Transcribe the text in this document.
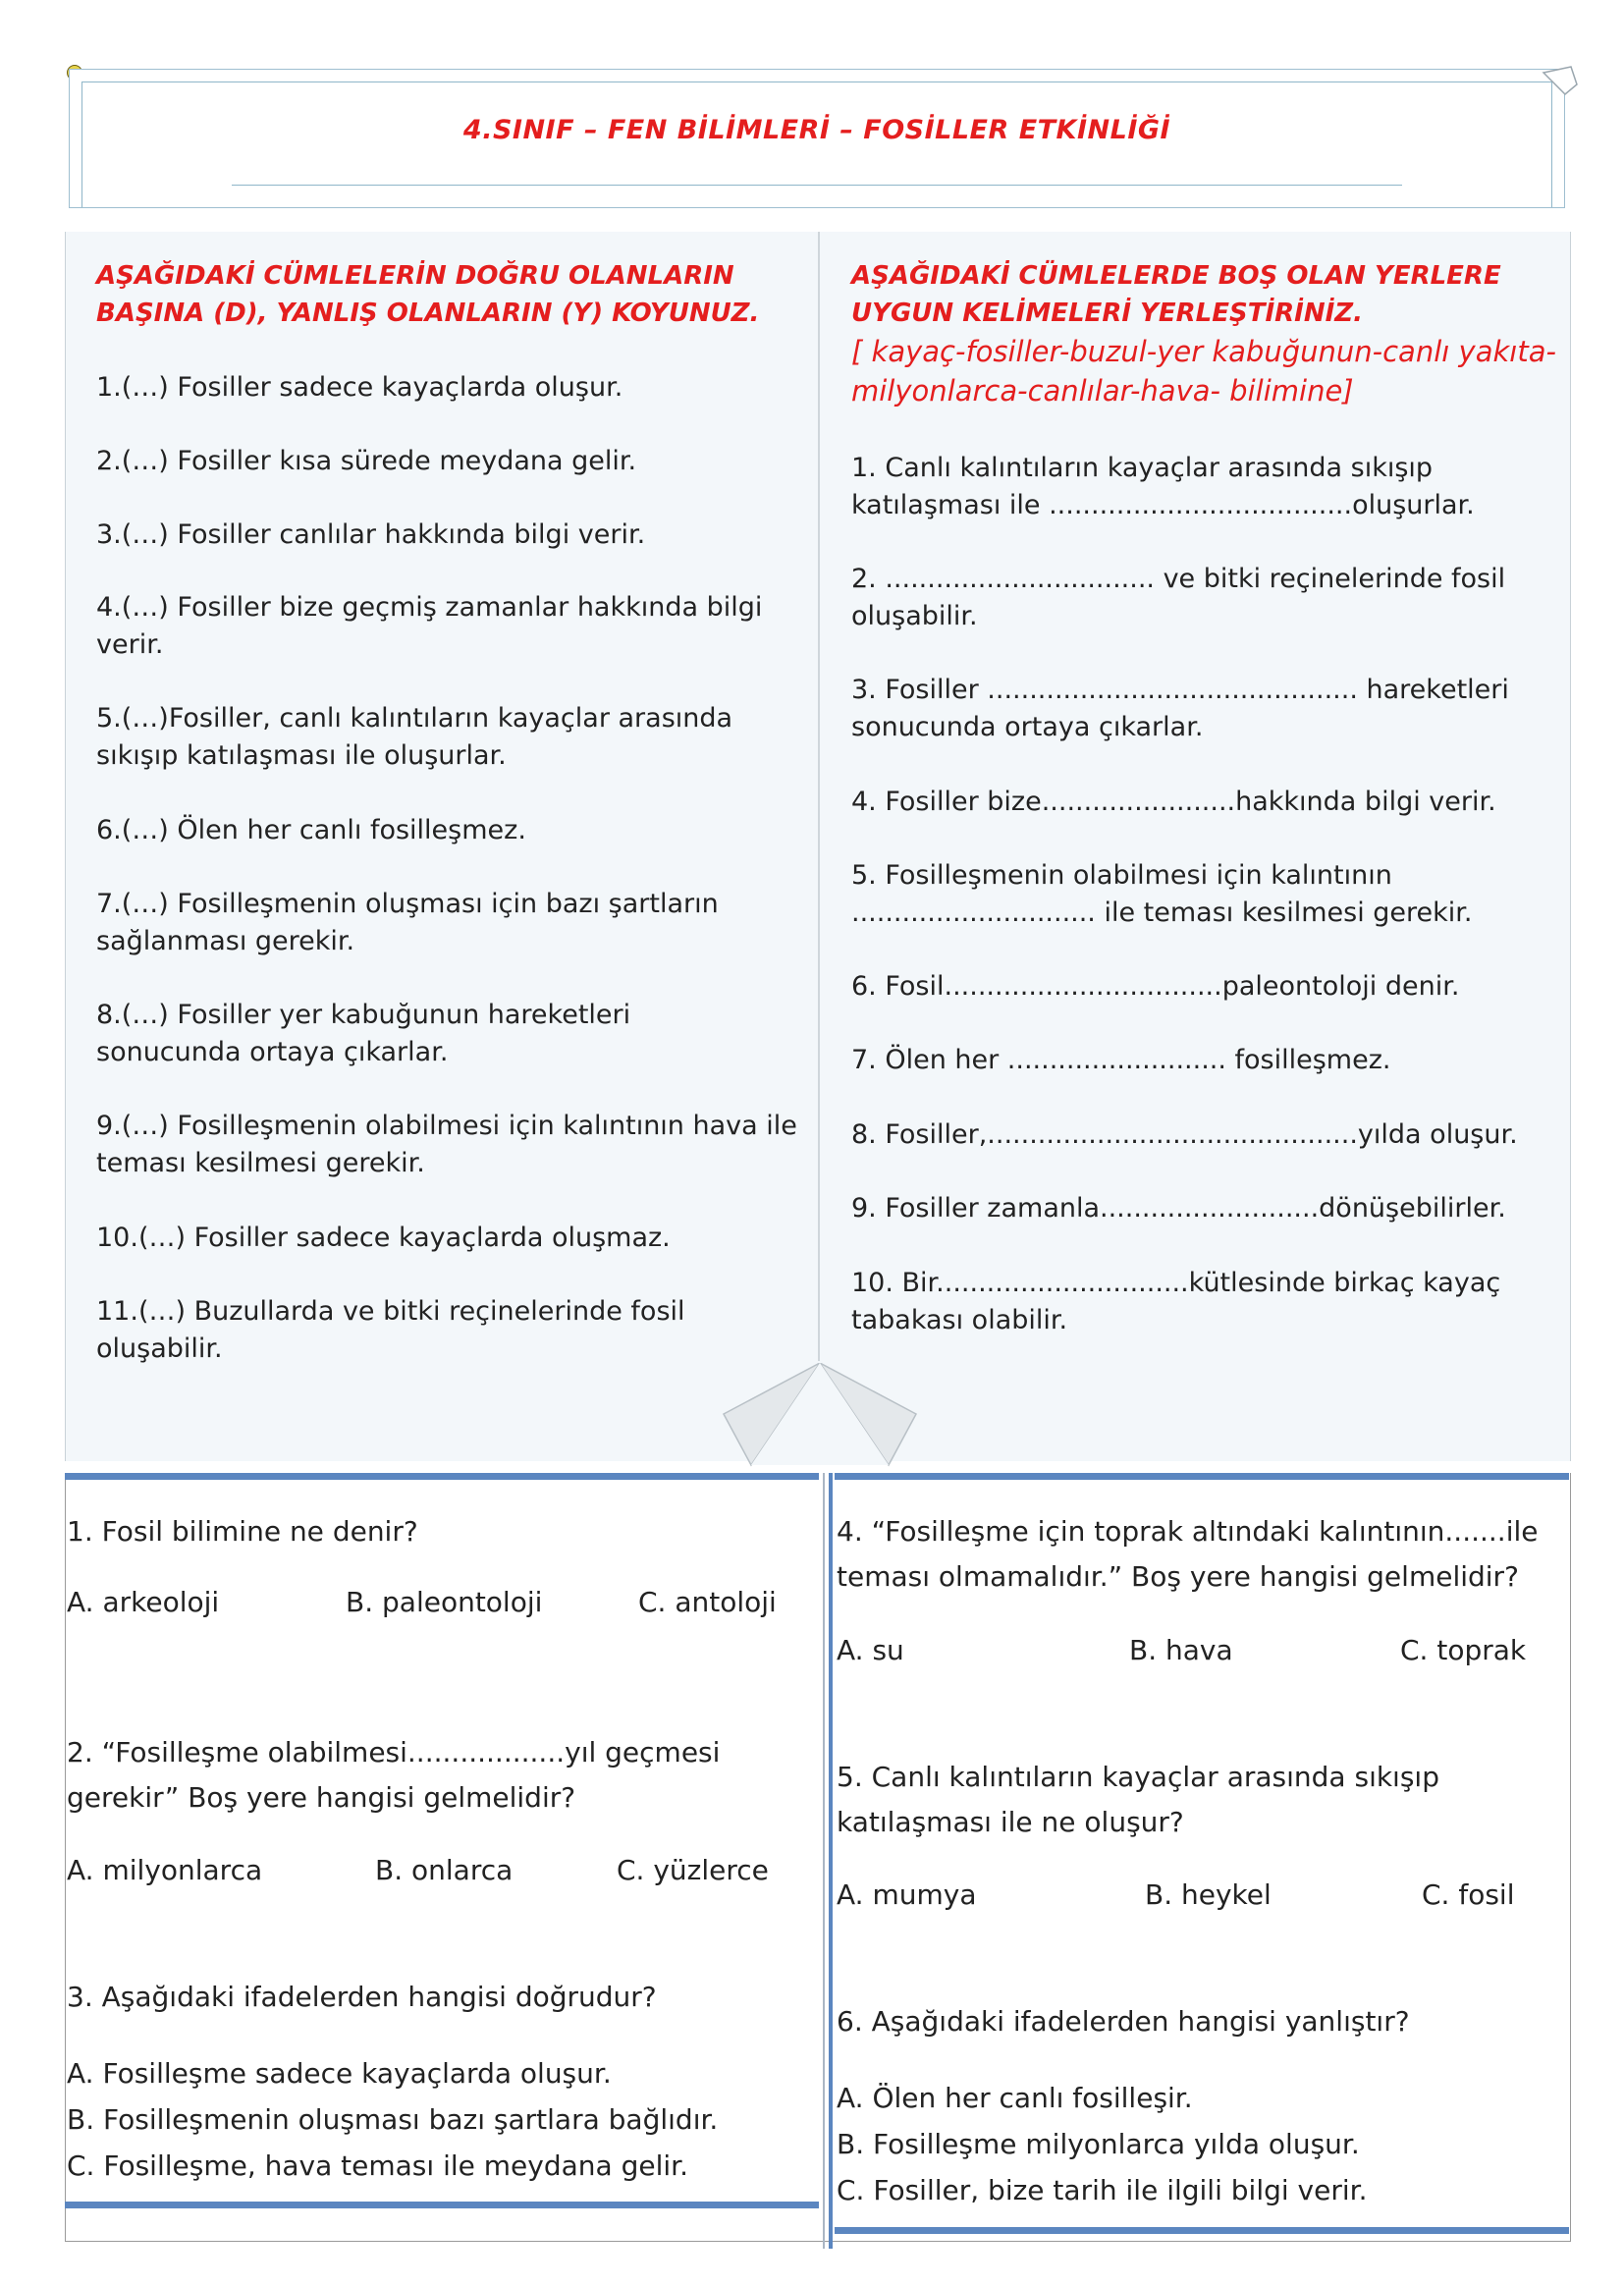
4.SINIF – FEN BİLİMLERİ – FOSİLLER ETKİNLİĞİ
AŞAĞIDAKİ CÜMLELERİN DOĞRU OLANLARIN BAŞINA (D), YANLIŞ OLANLARIN (Y) KOYUNUZ.
1.(…) Fosiller sadece kayaçlarda oluşur.
2.(…) Fosiller kısa sürede meydana gelir.
3.(…) Fosiller canlılar hakkında bilgi verir.
4.(…) Fosiller bize geçmiş zamanlar hakkında bilgi verir.
5.(…)Fosiller, canlı kalıntıların kayaçlar arasında sıkışıp katılaşması ile oluşurlar.
6.(…) Ölen her canlı fosilleşmez.
7.(…) Fosilleşmenin oluşması için bazı şartların sağlanması gerekir.
8.(…) Fosiller yer kabuğunun hareketleri sonucunda ortaya çıkarlar.
9.(…) Fosilleşmenin olabilmesi için kalıntının hava ile teması kesilmesi gerekir.
10.(…) Fosiller sadece kayaçlarda oluşmaz.
11.(…) Buzullarda ve bitki reçinelerinde fosil oluşabilir.
AŞAĞIDAKİ CÜMLELERDE BOŞ OLAN YERLERE UYGUN KELİMELERİ YERLEŞTİRİNİZ.
[ kayaç-fosiller-buzul-yer kabuğunun-canlı yakıta-milyonlarca-canlılar-hava- bilimine]
1. Canlı kalıntıların kayaçlar arasında sıkışıp katılaşması ile ....................................oluşurlar.
2. ................................ ve bitki reçinelerinde fosil oluşabilir.
3. Fosiller ............................................ hareketleri sonucunda ortaya çıkarlar.
4. Fosiller bize.......................hakkında bilgi verir.
5. Fosilleşmenin olabilmesi için kalıntının ............................. ile teması kesilmesi gerekir.
6. Fosil.................................paleontoloji denir.
7. Ölen her .......................... fosilleşmez.
8. Fosiller,............................................yılda oluşur.
9. Fosiller zamanla..........................dönüşebilirler.
10. Bir..............................kütlesinde birkaç kayaç tabakası olabilir.
1. Fosil bilimine ne denir?
A. arkeoloji	B. paleontoloji	C. antoloji
2. “Fosilleşme olabilmesi..................yıl geçmesi gerekir” Boş yere hangisi gelmelidir?
A. milyonlarca	B. onlarca	C. yüzlerce
3. Aşağıdaki ifadelerden hangisi doğrudur?
A. Fosilleşme sadece kayaçlarda oluşur.
B. Fosilleşmenin oluşması bazı şartlara bağlıdır.
C. Fosilleşme, hava teması ile meydana gelir.
4. “Fosilleşme için toprak altındaki kalıntının.......ile teması olmamalıdır.” Boş yere hangisi gelmelidir?
A. su	B. hava	C. toprak
5. Canlı kalıntıların kayaçlar arasında sıkışıp katılaşması ile ne oluşur?
A. mumya	B. heykel	C. fosil
6. Aşağıdaki ifadelerden hangisi yanlıştır?
A. Ölen her canlı fosilleşir.
B. Fosilleşme milyonlarca yılda oluşur.
C. Fosiller, bize tarih ile ilgili bilgi verir.
